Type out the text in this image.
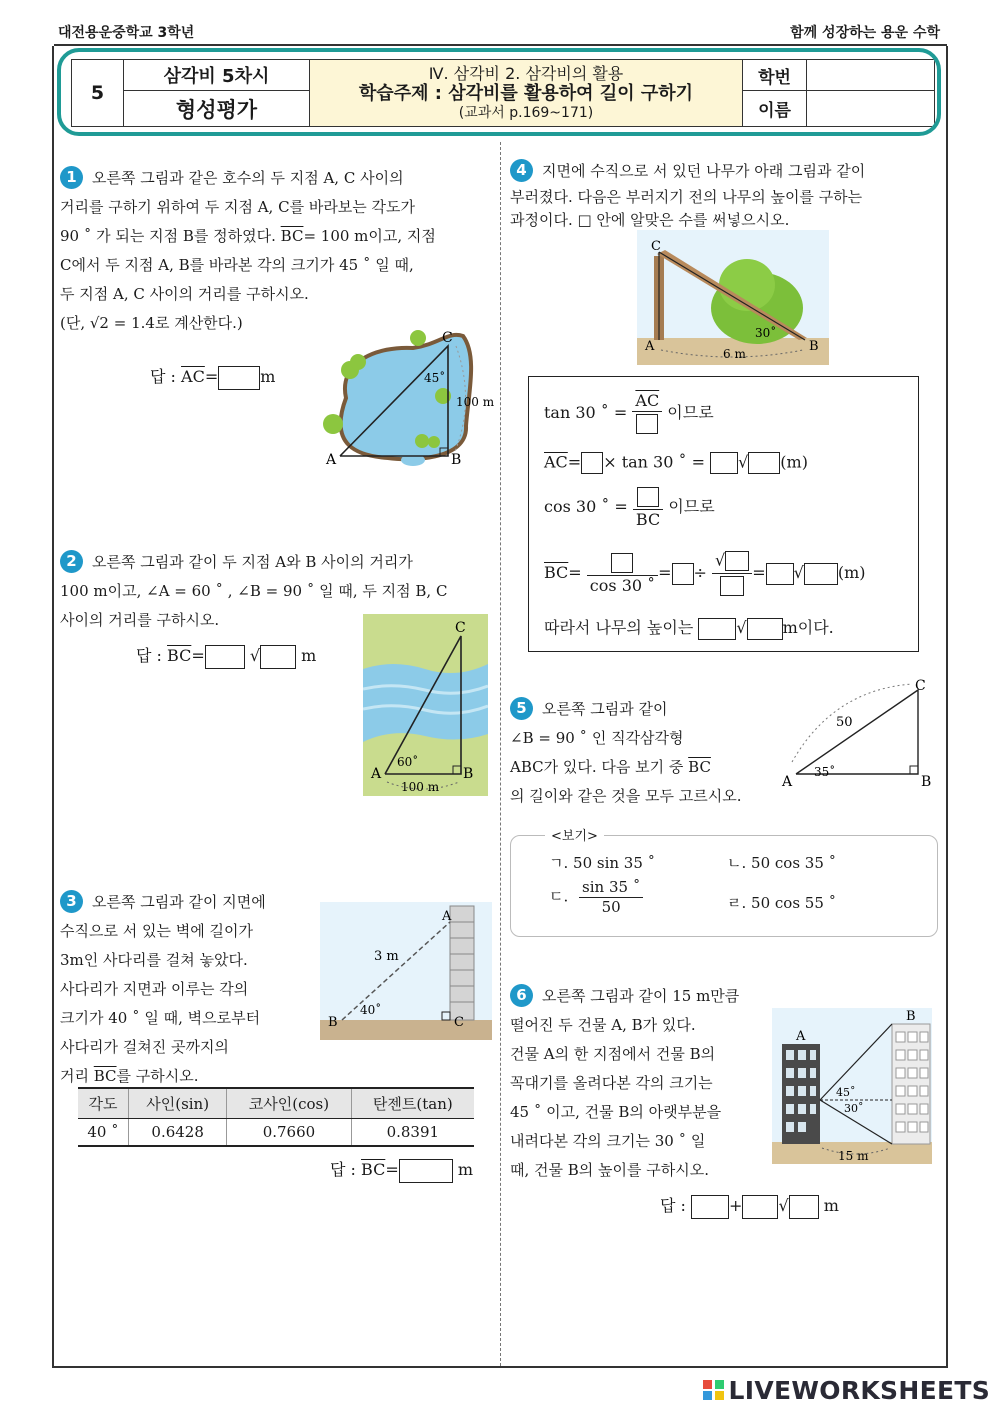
대전용운중학교 3학년	함께 성장하는 용운 수학
5	삼각비 5차시	Ⅳ. 삼각비 2. 삼각비의 활용
학습주제 : 삼각비를 활용하여 길이 구하기
(교과서 p.169~171)	학번	
	형성평가		이름	

1 오른쪽 그림과 같은 호수의 두 지점 A, C 사이의

거리를 구하기 위하여 두 지점 A, C를 바라보는 각도가

90 ˚ 가 되는 지점 B를 정하였다. $\overline{BC}= 100$ m이고, 지점

C에서 두 지점 A, B를 바라본 각의 크기가 45 ˚ 일 때,

두 지점 A, C 사이의 거리를 구하시오.

(단, √2 = 1.4로 계산한다.)

답 : $\overline{AC}=$	m
A	B
C
45˚
100 m

2 오른쪽 그림과 같이 두 지점 A와 B 사이의 거리가

100 m이고, ∠A = 60 ˚ , ∠B = 90 ˚ 일 때, 두 지점 B, C

사이의 거리를 구하시오.

답 : $\overline{BC}=$	√	m
A	B
C
60˚
100 m

3 오른쪽 그림과 같이 지면에

수직으로 서 있는 벽에 길이가

3m인 사다리를 걸쳐 놓았다.

사다리가 지면과 이루는 각의

크기가 40 ˚ 일 때, 벽으로부터

사다리가 걸쳐진 곳까지의

거리 $\overline{BC}$를 구하시오.

B	C
A
40˚
3 m
각도	사인(sin)	코사인(cos)	탄젠트(tan)
40 ˚	0.6428	0.7660	0.8391
답 : $\overline{BC}=$	m

4 지면에 수직으로 서 있던 나무가 아래 그림과 같이

부러졌다. 다음은 부러지기 전의 나무의 높이를 구하는

과정이다. □ 안에 알맞은 수를 써넣으시오.

C
A	B
30˚
6 m
tan 30 ˚ =
$\overline{AC}$
이므로
$\overline{AC}= \times \tan 30$ ˚ = √ (m)
cos 30 ˚ =
$\overline{BC}$
이므로
$\overline{BC}=$
cos 30 ˚
= ÷
√
= √ (m)
따라서 나무의 높이는	√ m이다.

5 오른쪽 그림과 같이

∠B = 90 ˚ 인 직각삼각형

ABC가 있다. 다음 보기 중 $\overline{BC}$

의 길이와 같은 것을 모두 고르시오.

A	B
C
35˚
50
ㄱ. 50 sin 35 ˚	ㄴ. 50 cos 35 ˚
ㄷ. $\frac{\sin 35 ˚}{50}$	ㄹ. 50 cos 55 ˚
<보기>

6 오른쪽 그림과 같이 15 m만큼

떨어진 두 건물 A, B가 있다.

건물 A의 한 지점에서 건물 B의

꼭대기를 올려다본 각의 크기는

45 ˚ 이고, 건물 B의 아랫부분을

내려다본 각의 크기는 30 ˚ 일

때, 건물 B의 높이를 구하시오.

A
B
45˚
30˚
15 m
답 : + √ m
LIVEWORKSHEETS
